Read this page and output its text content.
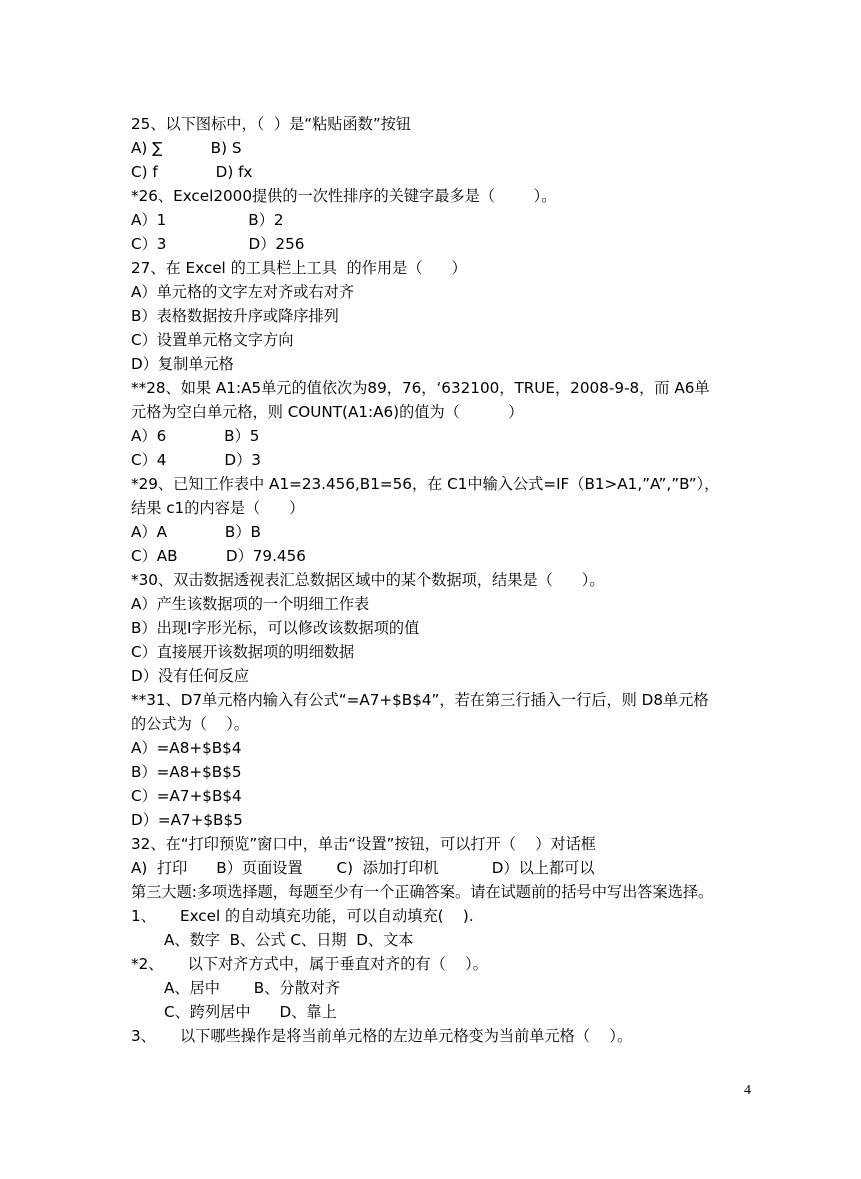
25、以下图标中，（  ）是“粘贴函数”按钮
A) ∑          B) S
C) f            D) fx
*26、Excel2000提供的一次性排序的关键字最多是（        ）。
A）1                 B）2
C）3                 D）256
27、在 Excel 的工具栏上工具  的作用是（      ）
A）单元格的文字左对齐或右对齐
B）表格数据按升序或降序排列
C）设置单元格文字方向
D）复制单元格
**28、如果 A1:A5单元的值依次为89，76，‘632100，TRUE，2008-9-8，而 A6单
元格为空白单元格，则 COUNT(A1:A6)的值为（          ）
A）6            B）5
C）4            D）3
*29、已知工作表中 A1=23.456,B1=56，在 C1中输入公式=IF（B1>A1,”A”,”B”），
结果 c1的内容是（      ）
A）A            B）B
C）AB          D）79.456
*30、双击数据透视表汇总数据区域中的某个数据项，结果是（      ）。
A）产生该数据项的一个明细工作表
B）出现Ⅰ字形光标，可以修改该数据项的值
C）直接展开该数据项的明细数据
D）没有任何反应
**31、D7单元格内输入有公式“=A7+$B$4”，若在第三行插入一行后，则 D8单元格
的公式为（    ）。
A）=A8+$B$4
B）=A8+$B$5
C）=A7+$B$4
D）=A7+$B$5
32、在“打印预览”窗口中，单击“设置”按钮，可以打开（    ）对话框
A)  打印      B）页面设置       C)  添加打印机           D）以上都可以
第三大题:多项选择题，每题至少有一个正确答案。请在试题前的括号中写出答案选择。
1、     Excel 的自动填充功能，可以自动填充(    ).
A、数字  B、公式 C、日期  D、文本
*2、     以下对齐方式中，属于垂直对齐的有（    ）。
A、居中       B、分散对齐
C、跨列居中      D、靠上
3、     以下哪些操作是将当前单元格的左边单元格变为当前单元格（    ）。
4
